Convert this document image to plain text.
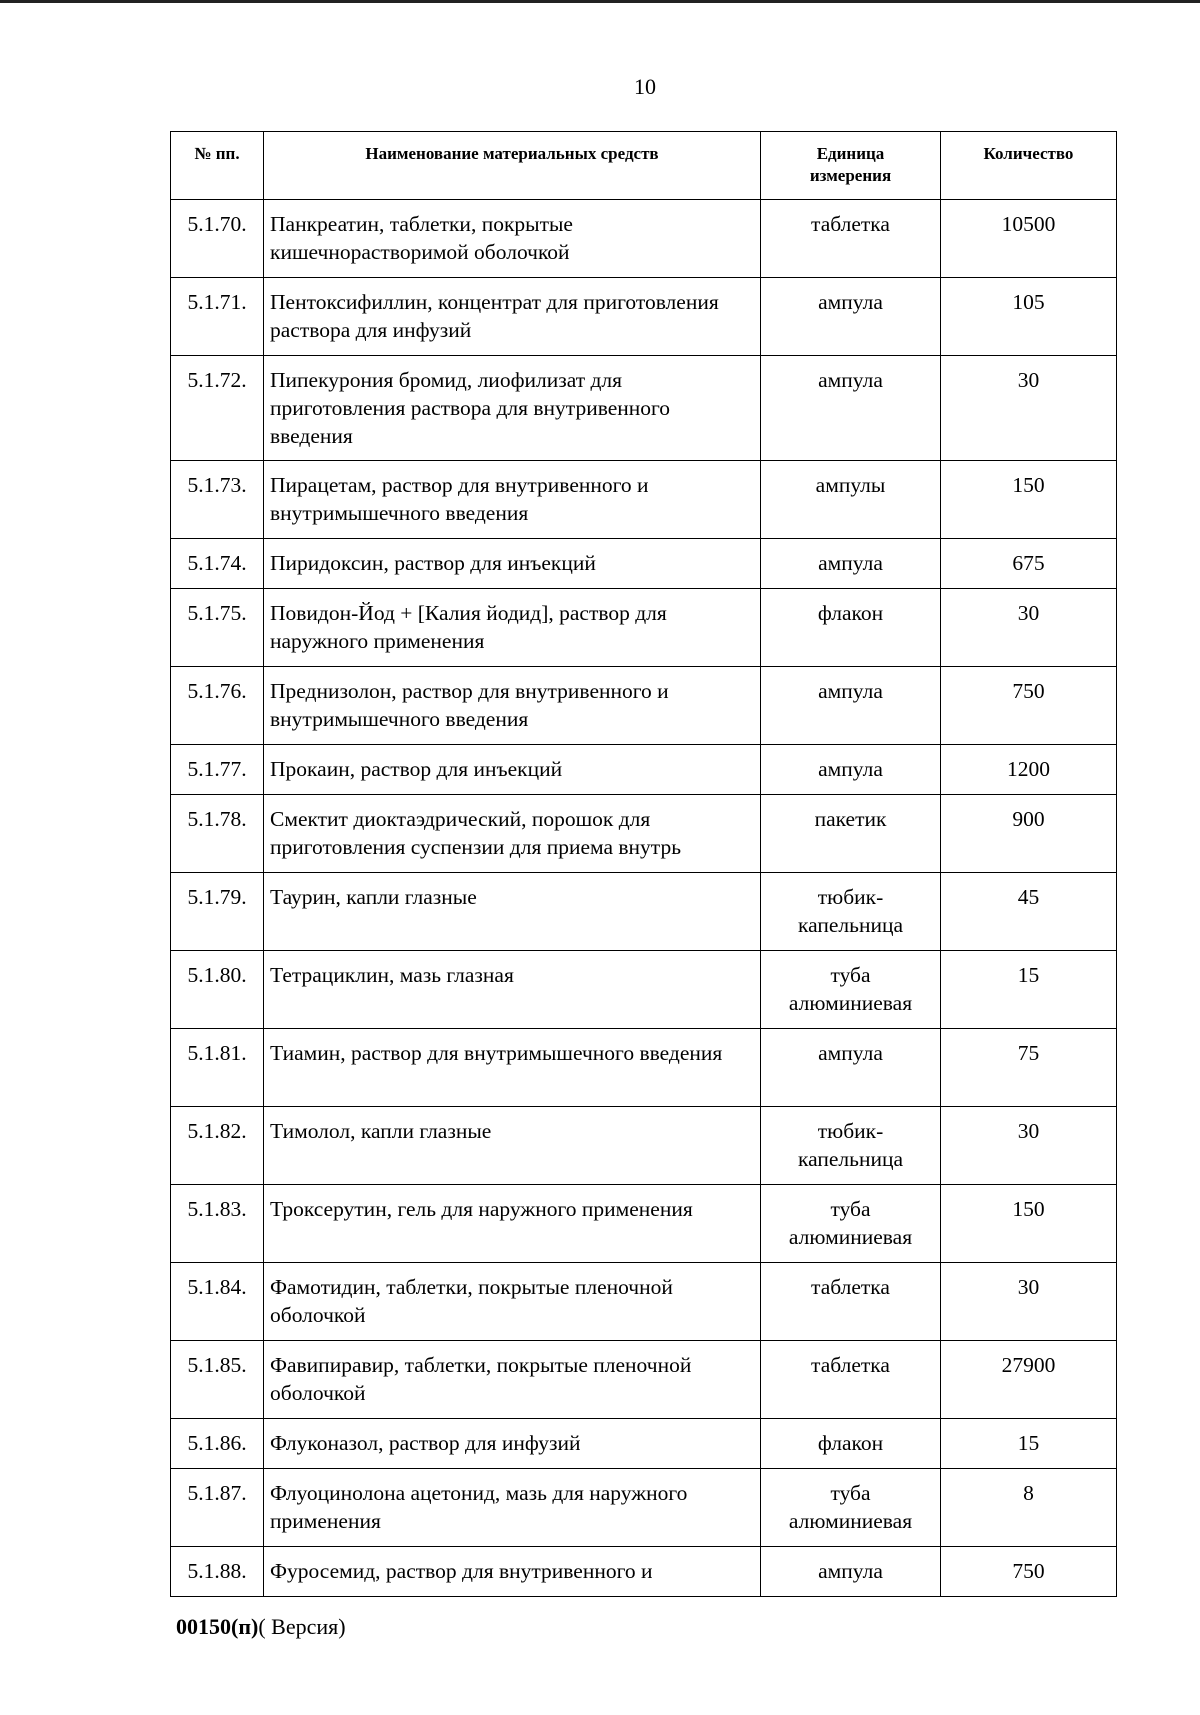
10
№ пп.	Наименование материальных средств	Единица измерения	Количество
5.1.70.	Панкреатин, таблетки, покрытые кишечнорастворимой оболочкой	таблетка	10500
5.1.71.	Пентоксифиллин, концентрат для приготовления раствора для инфузий	ампула	105
5.1.72.	Пипекурония бромид, лиофилизат для приготовления раствора для внутривенного введения	ампула	30
5.1.73.	Пирацетам, раствор для внутривенного и внутримышечного введения	ампулы	150
5.1.74.	Пиридоксин, раствор для инъекций	ампула	675
5.1.75.	Повидон-Йод + [Калия йодид], раствор для наружного применения	флакон	30
5.1.76.	Преднизолон, раствор для внутривенного и внутримышечного введения	ампула	750
5.1.77.	Прокаин, раствор для инъекций	ампула	1200
5.1.78.	Смектит диоктаэдрический, порошок для приготовления суспензии для приема внутрь	пакетик	900
5.1.79.	Таурин, капли глазные	тюбик-капельница	45
5.1.80.	Тетрациклин, мазь глазная	туба алюминиевая	15
5.1.81.	Тиамин, раствор для внутримышечного введения	ампула	75
5.1.82.	Тимолол, капли глазные	тюбик-капельница	30
5.1.83.	Троксерутин, гель для наружного применения	туба алюминиевая	150
5.1.84.	Фамотидин, таблетки, покрытые пленочной оболочкой	таблетка	30
5.1.85.	Фавипиравир, таблетки, покрытые пленочной оболочкой	таблетка	27900
5.1.86.	Флуконазол, раствор для инфузий	флакон	15
5.1.87.	Флуоцинолона ацетонид, мазь для наружного применения	туба алюминиевая	8
5.1.88.	Фуросемид, раствор для внутривенного и	ампула	750
00150(п)( Версия)
